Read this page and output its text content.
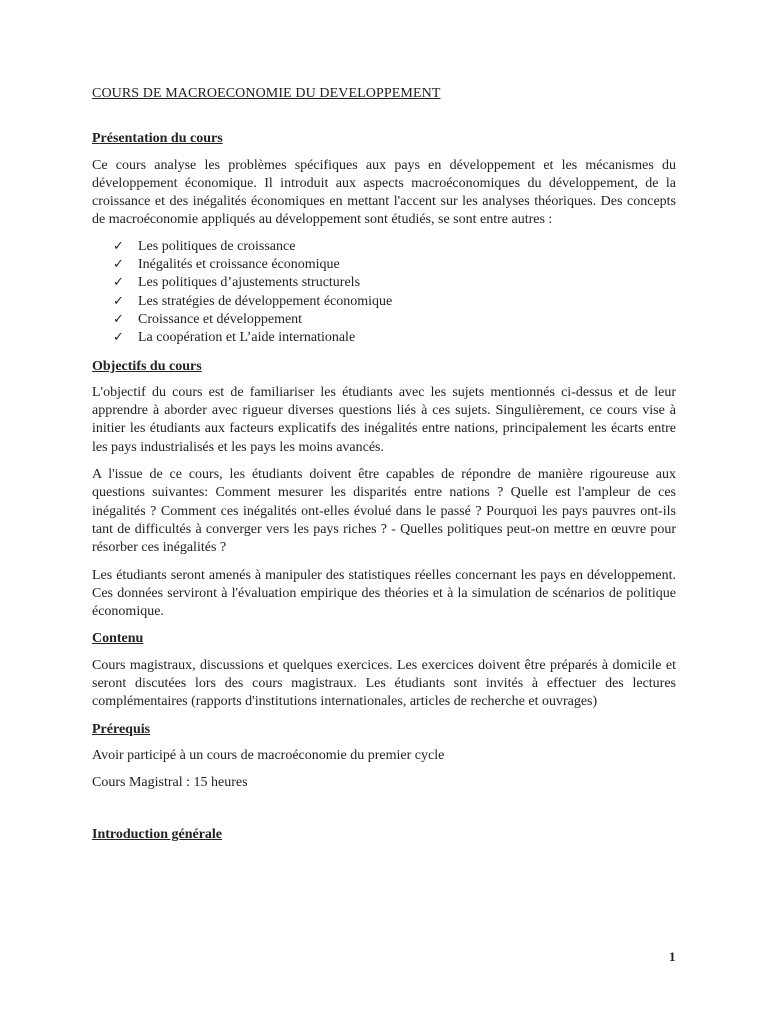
COURS DE MACROECONOMIE DU DEVELOPPEMENT
Présentation du cours

Ce cours analyse les problèmes spécifiques aux pays en développement et les mécanismes du développement économique. Il introduit aux aspects macroéconomiques du développement, de la croissance et des inégalités économiques en mettant l'accent sur les analyses théoriques. Des concepts de macroéconomie appliqués au développement sont étudiés, se sont entre autres :

✓	Les politiques de croissance
✓	Inégalités et croissance économique
✓	Les politiques d’ajustements structurels
✓	Les stratégies de développement économique
✓	Croissance et développement
✓	La coopération et L’aide internationale
Objectifs du cours

L'objectif du cours est de familiariser les étudiants avec les sujets mentionnés ci-dessus et de leur apprendre à aborder avec rigueur diverses questions liés à ces sujets. Singulièrement, ce cours vise à initier les étudiants aux facteurs explicatifs des inégalités entre nations, principalement les écarts entre les pays industrialisés et les pays les moins avancés.

A l'issue de ce cours, les étudiants doivent être capables de répondre de manière rigoureuse aux questions suivantes: Comment mesurer les disparités entre nations ? Quelle est l'ampleur de ces inégalités ? Comment ces inégalités ont-elles évolué dans le passé ? Pourquoi les pays pauvres ont-ils tant de difficultés à converger vers les pays riches ? - Quelles politiques peut-on mettre en œuvre pour résorber ces inégalités ?

Les étudiants seront amenés à manipuler des statistiques réelles concernant les pays en développement. Ces données serviront à l'évaluation empirique des théories et à la simulation de scénarios de politique économique.

Contenu

Cours magistraux, discussions et quelques exercices. Les exercices doivent être préparés à domicile et seront discutées lors des cours magistraux. Les étudiants sont invités à effectuer des lectures complémentaires (rapports d'institutions internationales, articles de recherche et ouvrages)

Prérequis
Avoir participé à un cours de macroéconomie du premier cycle
Cours Magistral : 15 heures
Introduction générale
1
